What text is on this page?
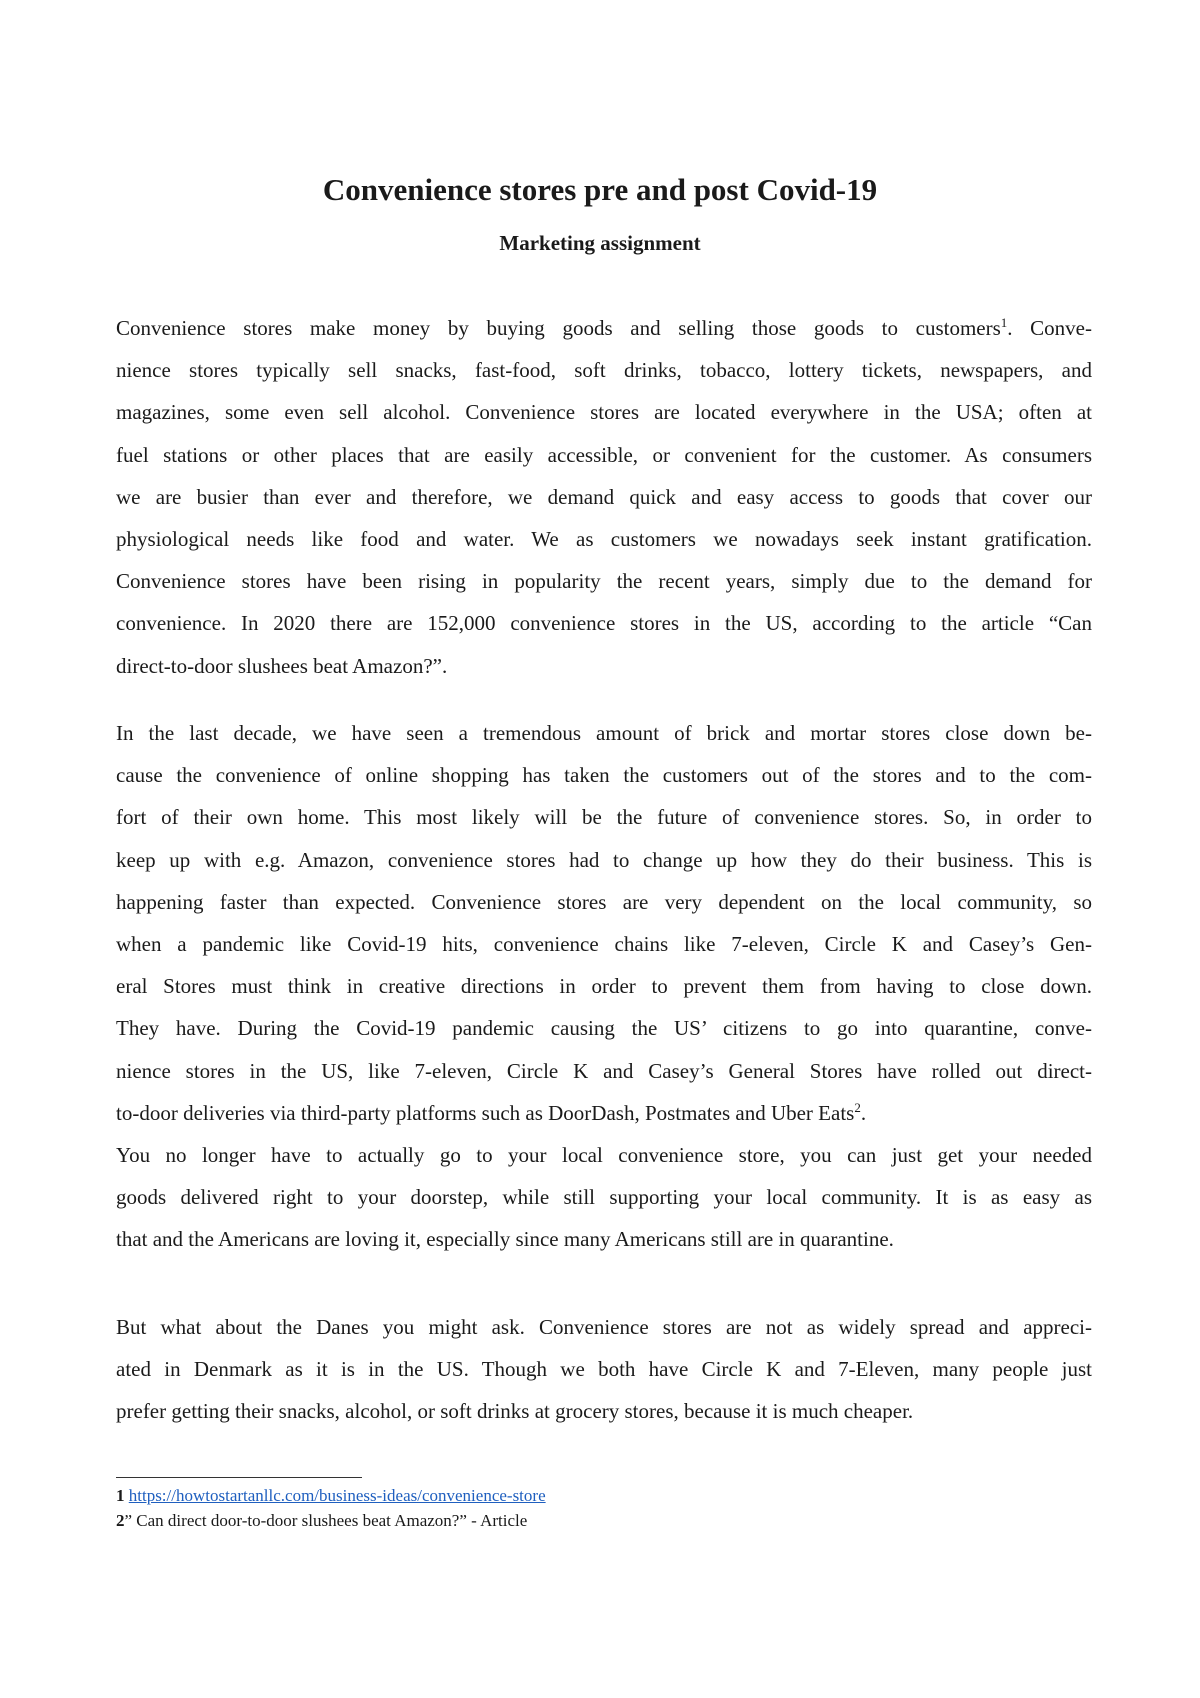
Convenience stores pre and post Covid-19
Marketing assignment

Convenience stores make money by buying goods and selling those goods to customers$^1$. Conve-
nience stores typically sell snacks, fast-food, soft drinks, tobacco, lottery tickets, newspapers, and
magazines, some even sell alcohol. Convenience stores are located everywhere in the USA; often at
fuel stations or other places that are easily accessible, or convenient for the customer. As consumers
we are busier than ever and therefore, we demand quick and easy access to goods that cover our
physiological needs like food and water. We as customers we nowadays seek instant gratification.
Convenience stores have been rising in popularity the recent years, simply due to the demand for
convenience. In 2020 there are 152,000 convenience stores in the US, according to the article “Can
direct-to-door slushees beat Amazon?”.

In the last decade, we have seen a tremendous amount of brick and mortar stores close down be-
cause the convenience of online shopping has taken the customers out of the stores and to the com-
fort of their own home. This most likely will be the future of convenience stores. So, in order to
keep up with e.g. Amazon, convenience stores had to change up how they do their business. This is
happening faster than expected. Convenience stores are very dependent on the local community, so
when a pandemic like Covid-19 hits, convenience chains like 7-eleven, Circle K and Casey’s Gen-
eral Stores must think in creative directions in order to prevent them from having to close down.
They have. During the Covid-19 pandemic causing the US’ citizens to go into quarantine, conve-
nience stores in the US, like 7-eleven, Circle K and Casey’s General Stores have rolled out direct-
to-door deliveries via third-party platforms such as DoorDash, Postmates and Uber Eats$^2$.
You no longer have to actually go to your local convenience store, you can just get your needed
goods delivered right to your doorstep, while still supporting your local community. It is as easy as
that and the Americans are loving it, especially since many Americans still are in quarantine.

But what about the Danes you might ask. Convenience stores are not as widely spread and appreci-
ated in Denmark as it is in the US. Though we both have Circle K and 7-Eleven, many people just
prefer getting their snacks, alcohol, or soft drinks at grocery stores, because it is much cheaper.

1 https://howtostartanllc.com/business-ideas/convenience-store
2” Can direct door-to-door slushees beat Amazon?” - Article
